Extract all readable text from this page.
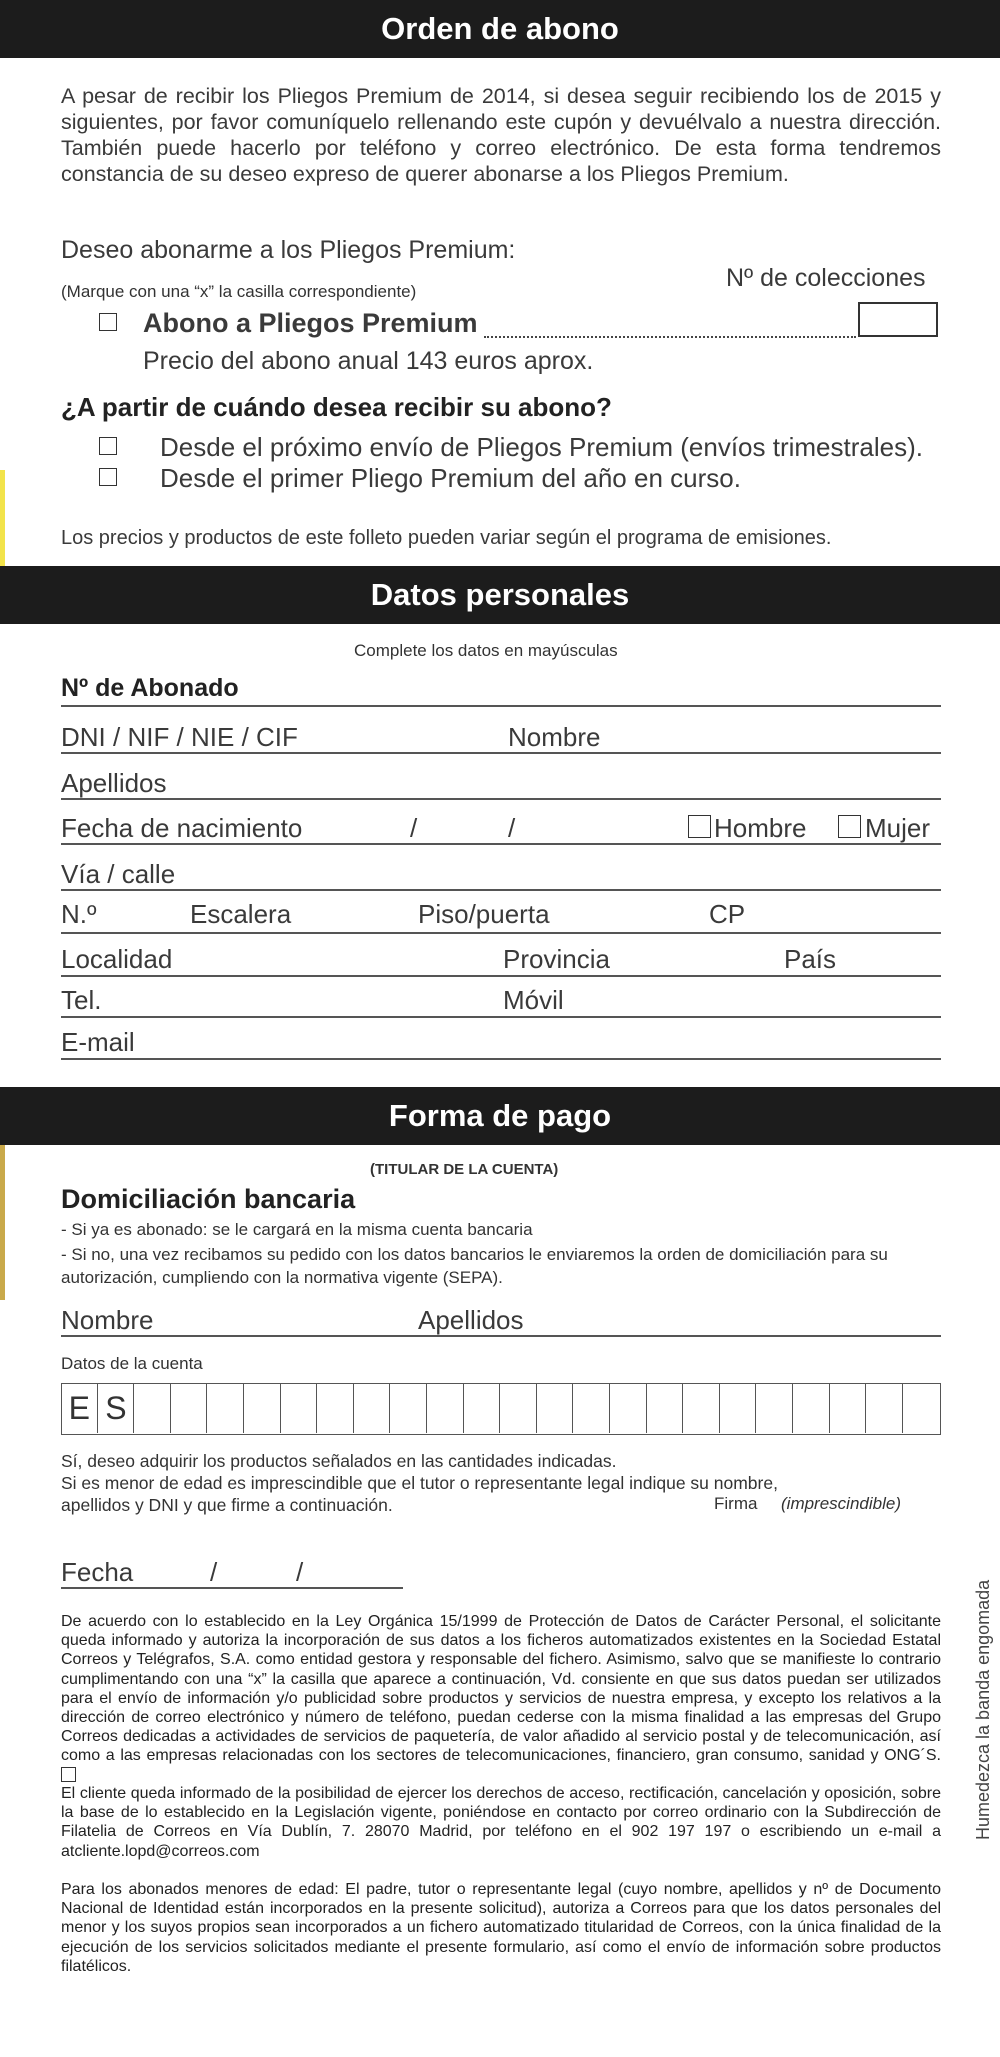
Orden de abono
A pesar de recibir los Pliegos Premium de 2014, si desea seguir recibiendo los de 2015 y siguientes, por favor comuníquelo rellenando este cupón y devuélvalo a nuestra dirección. También puede hacerlo por teléfono y correo electrónico. De esta forma tendremos constancia de su deseo expreso de querer abonarse a los Pliegos Premium.
Deseo abonarme a los Pliegos Premium:
(Marque con una “x” la casilla correspondiente)	Nº de colecciones
Abono a Pliegos Premium
Precio del abono anual 143 euros aprox.
¿A partir de cuándo desea recibir su abono?
Desde el próximo envío de Pliegos Premium (envíos trimestrales).
Desde el primer Pliego Premium del año en curso.
Los precios y productos de este folleto pueden variar según el programa de emisiones.
Datos personales
Complete los datos en mayúsculas
Nº de Abonado
DNI / NIF / NIE / CIF	Nombre
Apellidos
Fecha de nacimiento	/	/	Hombre Mujer
Vía / calle
N.º	Escalera	Piso/puerta	CP
Localidad	Provincia	País
Tel.	Móvil
E-mail
Forma de pago
(TITULAR DE LA CUENTA)
Domiciliación bancaria
- Si ya es abonado: se le cargará en la misma cuenta bancaria
- Si no, una vez recibamos su pedido con los datos bancarios le enviaremos la orden de domiciliación para su autorización, cumpliendo con la normativa vigente (SEPA).
Nombre	Apellidos
Datos de la cuenta
E S
Sí, deseo adquirir los productos señalados en las cantidades indicadas.
Si es menor de edad es imprescindible que el tutor o representante legal indique su nombre,
apellidos y DNI y que firme a continuación.	Firma (imprescindible)
Fecha	/	/
De acuerdo con lo establecido en la Ley Orgánica 15/1999 de Protección de Datos de Carácter Personal, el solicitante queda informado y autoriza la incorporación de sus datos a los ficheros automatizados existentes en la Sociedad Estatal Correos y Telégrafos, S.A. como entidad gestora y responsable del fichero. Asimismo, salvo que se manifieste lo contrario cumplimentando con una “x” la casilla que aparece a continuación, Vd. consiente en que sus datos puedan ser utilizados para el envío de información y/o publicidad sobre productos y servicios de nuestra empresa, y excepto los relativos a la dirección de correo electrónico y número de teléfono, puedan cederse con la misma finalidad a las empresas del Grupo Correos dedicadas a actividades de servicios de paquetería, de valor añadido al servicio postal y de telecomunicación, así como a las empresas relacionadas con los sectores de telecomunicaciones, financiero, gran consumo, sanidad y ONG´S.
El cliente queda informado de la posibilidad de ejercer los derechos de acceso, rectificación, cancelación y oposición, sobre la base de lo establecido en la Legislación vigente, poniéndose en contacto por correo ordinario con la Subdirección de Filatelia de Correos en Vía Dublín, 7. 28070 Madrid, por teléfono en el 902 197 197 o escribiendo un e-mail a atcliente.lopd@correos.com
Para los abonados menores de edad: El padre, tutor o representante legal (cuyo nombre, apellidos y nº de Documento Nacional de Identidad están incorporados en la presente solicitud), autoriza a Correos para que los datos personales del menor y los suyos propios sean incorporados a un fichero automatizado titularidad de Correos, con la única finalidad de la ejecución de los servicios solicitados mediante el presente formulario, así como el envío de información sobre productos filatélicos.
Humedezca la banda engomada
